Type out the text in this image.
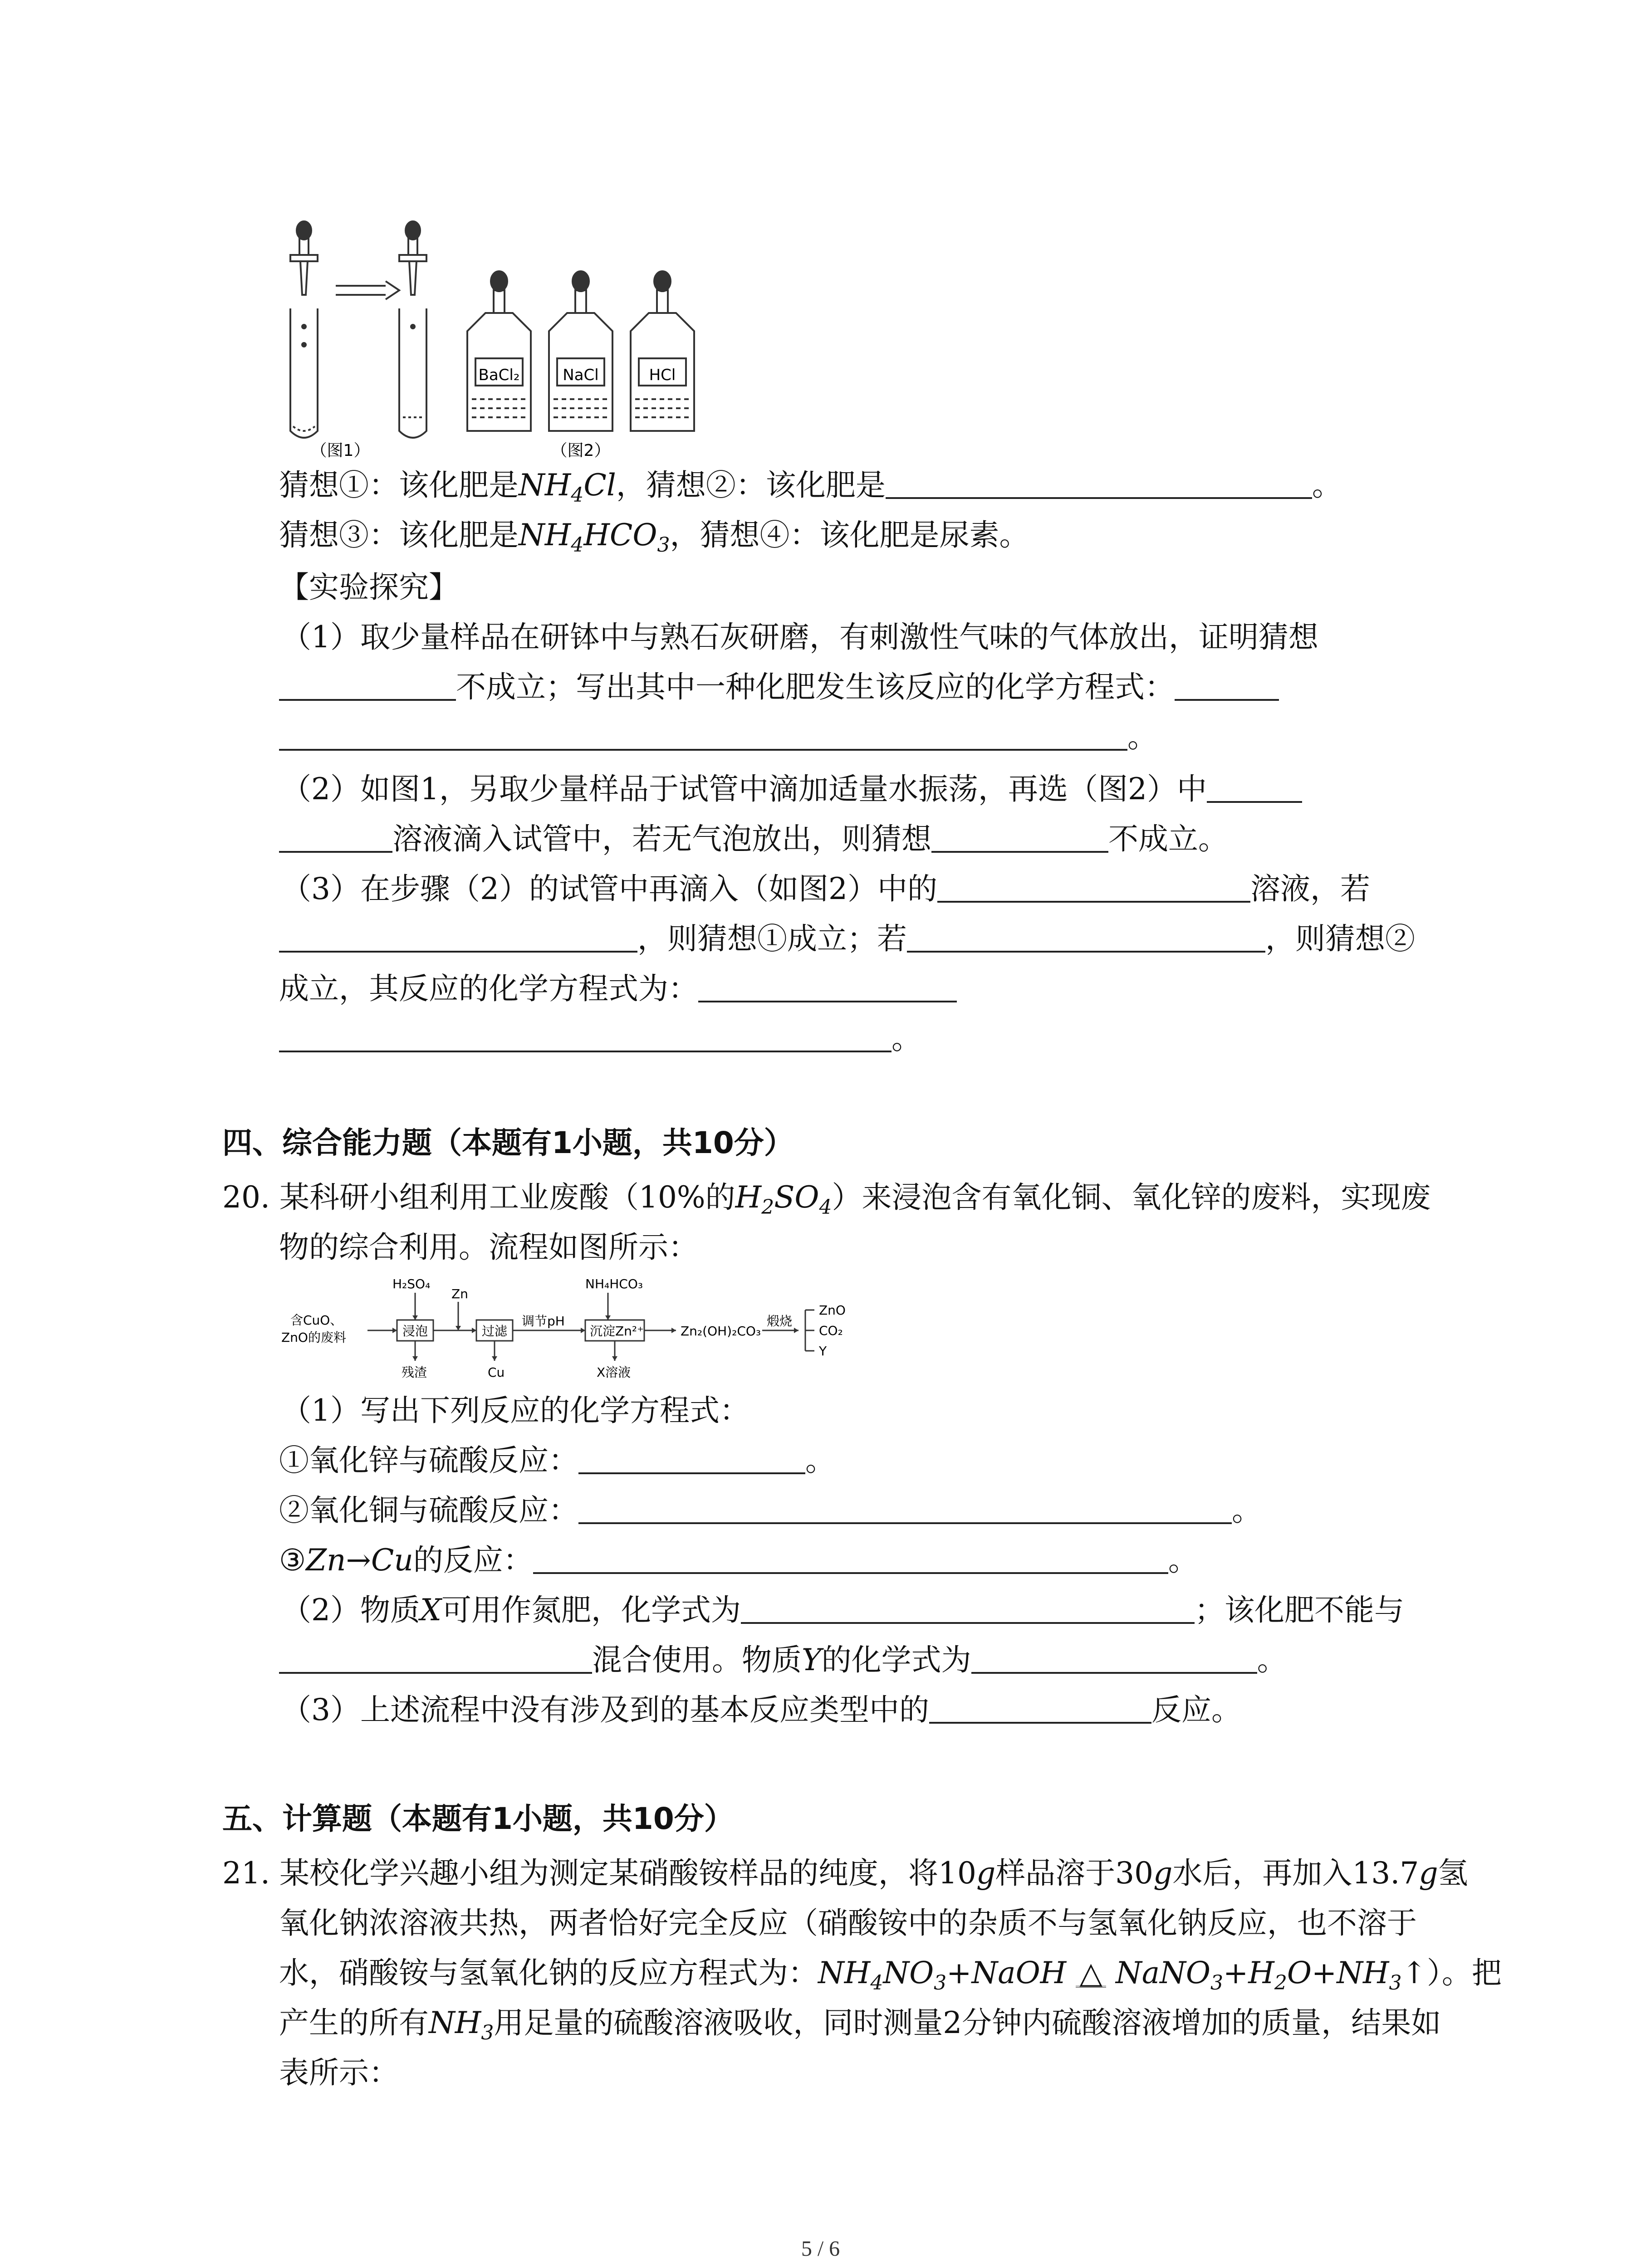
BaCl₂	NaCl	HCl
（图1）	（图2）
猜想①：该化肥是$NH_4Cl$，猜想②：该化肥是	。
猜想③：该化肥是$NH_4HCO_3$，猜想④：该化肥是尿素。
【实验探究】
（1）取少量样品在研钵中与熟石灰研磨，有刺激性气味的气体放出，证明猜想
不成立；写出其中一种化肥发生该反应的化学方程式：
。
（2）如图1，另取少量样品于试管中滴加适量水振荡，再选（图2）中
溶液滴入试管中，若无气泡放出，则猜想	不成立。
（3）在步骤（2）的试管中再滴入（如图2）中的	溶液，若
，则猜想①成立；若	，则猜想②
成立，其反应的化学方程式为：
。
四、综合能力题（本题有1小题，共10分）
20. 某科研小组利用工业废酸（10%的$H_2SO_4$）来浸泡含有氧化铜、氧化锌的废料，实现废
物的综合利用。流程如图所示：
含CuO、
ZnO的废料
H₂SO₄
Zn
NH₄HCO₃
浸泡	过滤
调节pH
沉淀Zn²⁺	Zn₂(OH)₂CO₃
煅烧
ZnO
CO₂
Y
残渣	Cu	X溶液
（1）写出下列反应的化学方程式：
①氧化锌与硫酸反应：	。
②氧化铜与硫酸反应：	。
③Zn→Cu的反应：	。
（2）物质X可用作氮肥，化学式为	；该化肥不能与
混合使用。物质Y的化学式为	。
（3）上述流程中没有涉及到的基本反应类型中的	反应。
五、计算题（本题有1小题，共10分）
21. 某校化学兴趣小组为测定某硝酸铵样品的纯度，将10g样品溶于30g水后，再加入13.7g氢
氧化钠浓溶液共热，两者恰好完全反应（硝酸铵中的杂质不与氢氧化钠反应，也不溶于
水，硝酸铵与氢氧化钠的反应方程式为：$NH_4NO_3+NaOH$ △ $NaNO_3+H_2O+NH_3↑$）。把
产生的所有$NH_3$用足量的硫酸溶液吸收，同时测量2分钟内硫酸溶液增加的质量，结果如
表所示：
5 / 6
